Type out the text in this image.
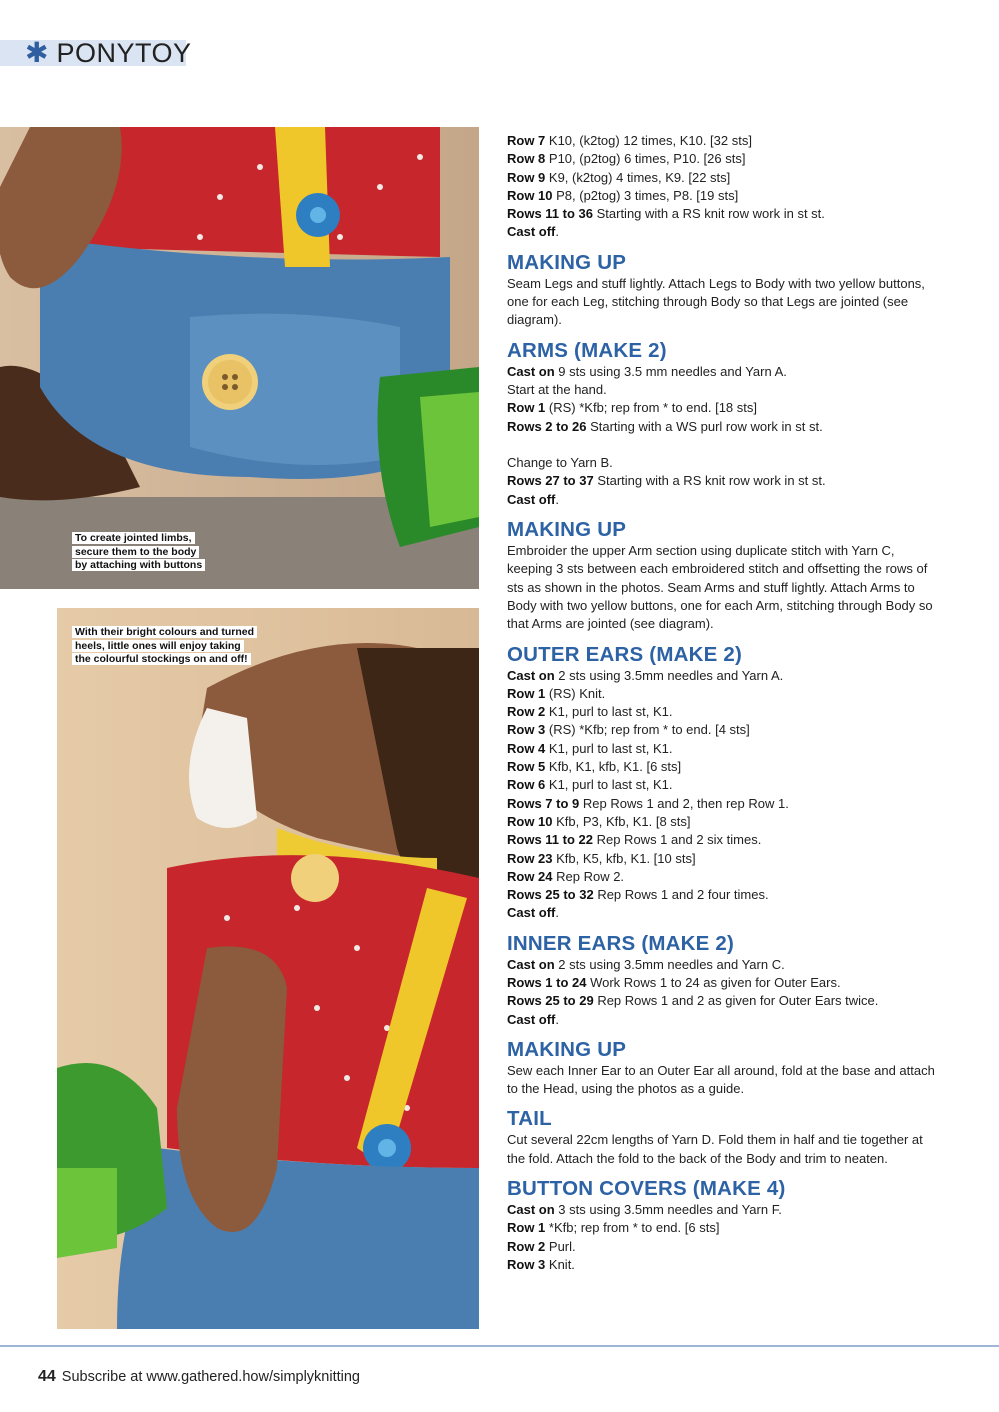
✱ PONYTOY
To create jointed limbs,
secure them to the body
by attaching with buttons
With their bright colours and turned
heels, little ones will enjoy taking
the colourful stockings on and off!

Row 7 K10, (k2tog) 12 times, K10. [32 sts]

Row 8 P10, (p2tog) 6 times, P10. [26 sts]

Row 9 K9, (k2tog) 4 times, K9. [22 sts]

Row 10 P8, (p2tog) 3 times, P8. [19 sts]

Rows 11 to 36 Starting with a RS knit row work in st st.

Cast off.

MAKING UP

Seam Legs and stuff lightly. Attach Legs to Body with two yellow buttons, one for each Leg, stitching through Body so that Legs are jointed (see diagram).

ARMS (MAKE 2)

Cast on 9 sts using 3.5 mm needles and Yarn A.

Start at the hand.

Row 1 (RS) *Kfb; rep from * to end. [18 sts]

Rows 2 to 26 Starting with a WS purl row work in st st.

Change to Yarn B.

Rows 27 to 37 Starting with a RS knit row work in st st.

Cast off.

MAKING UP

Embroider the upper Arm section using duplicate stitch with Yarn C, keeping 3 sts between each embroidered stitch and offsetting the rows of sts as shown in the photos. Seam Arms and stuff lightly. Attach Arms to Body with two yellow buttons, one for each Arm, stitching through Body so that Arms are jointed (see diagram).

OUTER EARS (MAKE 2)

Cast on 2 sts using 3.5mm needles and Yarn A.

Row 1 (RS) Knit.

Row 2 K1, purl to last st, K1.

Row 3 (RS) *Kfb; rep from * to end. [4 sts]

Row 4 K1, purl to last st, K1.

Row 5 Kfb, K1, kfb, K1. [6 sts]

Row 6 K1, purl to last st, K1.

Rows 7 to 9 Rep Rows 1 and 2, then rep Row 1.

Row 10 Kfb, P3, Kfb, K1. [8 sts]

Rows 11 to 22 Rep Rows 1 and 2 six times.

Row 23 Kfb, K5, kfb, K1. [10 sts]

Row 24 Rep Row 2.

Rows 25 to 32 Rep Rows 1 and 2 four times.

Cast off.

INNER EARS (MAKE 2)

Cast on 2 sts using 3.5mm needles and Yarn C.

Rows 1 to 24 Work Rows 1 to 24 as given for Outer Ears.

Rows 25 to 29 Rep Rows 1 and 2 as given for Outer Ears twice.

Cast off.

MAKING UP

Sew each Inner Ear to an Outer Ear all around, fold at the base and attach to the Head, using the photos as a guide.

TAIL

Cut several 22cm lengths of Yarn D. Fold them in half and tie together at the fold. Attach the fold to the back of the Body and trim to neaten.

BUTTON COVERS (MAKE 4)

Cast on 3 sts using 3.5mm needles and Yarn F.

Row 1 *Kfb; rep from * to end. [6 sts]

Row 2 Purl.

Row 3 Knit.

44 Subscribe at www.gathered.how/simplyknitting
